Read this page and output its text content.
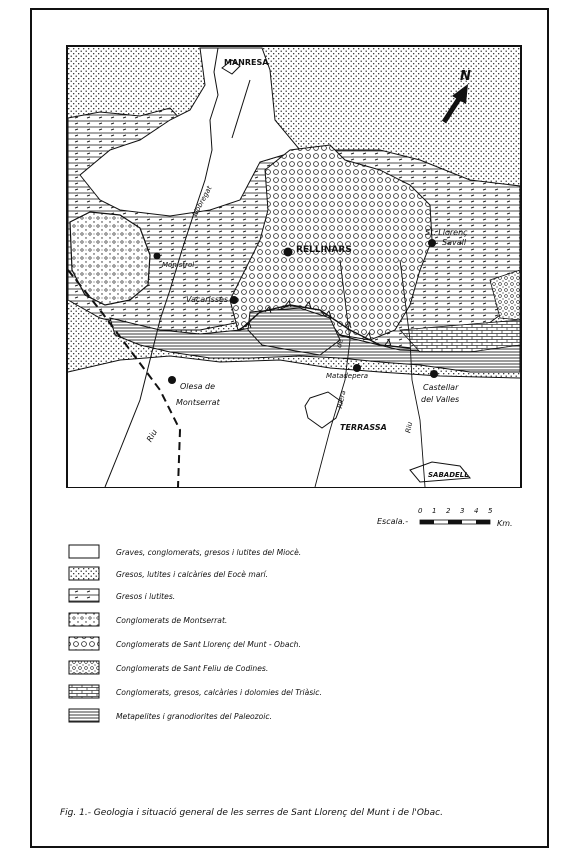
N
MANRESA
RELLINARS
St. Llorenç
Savall
Monistrol
Vacarisses
Olesa de
Montserrat
Matadepera
Castellar
del Valles
TERRASSA
SABADELL
Llobregat
Riu
Riera
Riu
de
Escala.-
0 1 2 3 4 5
Km.
Graves, conglomerats, gresos i lutites del Miocè.
Gresos, lutites i calcàries del Eocè marí.
Gresos i lutites.
Conglomerats de Montserrat.
Conglomerats de Sant Llorenç del Munt - Obach.
Conglomerats de Sant Feliu de Codines.
Conglomerats, gresos, calcàries i dolomies del Triàsic.
Metapelites i granodiorites del Paleozoic.
Fig. 1.- Geologia i situació general de les serres de Sant Llorenç del Munt i de l'Obac.
